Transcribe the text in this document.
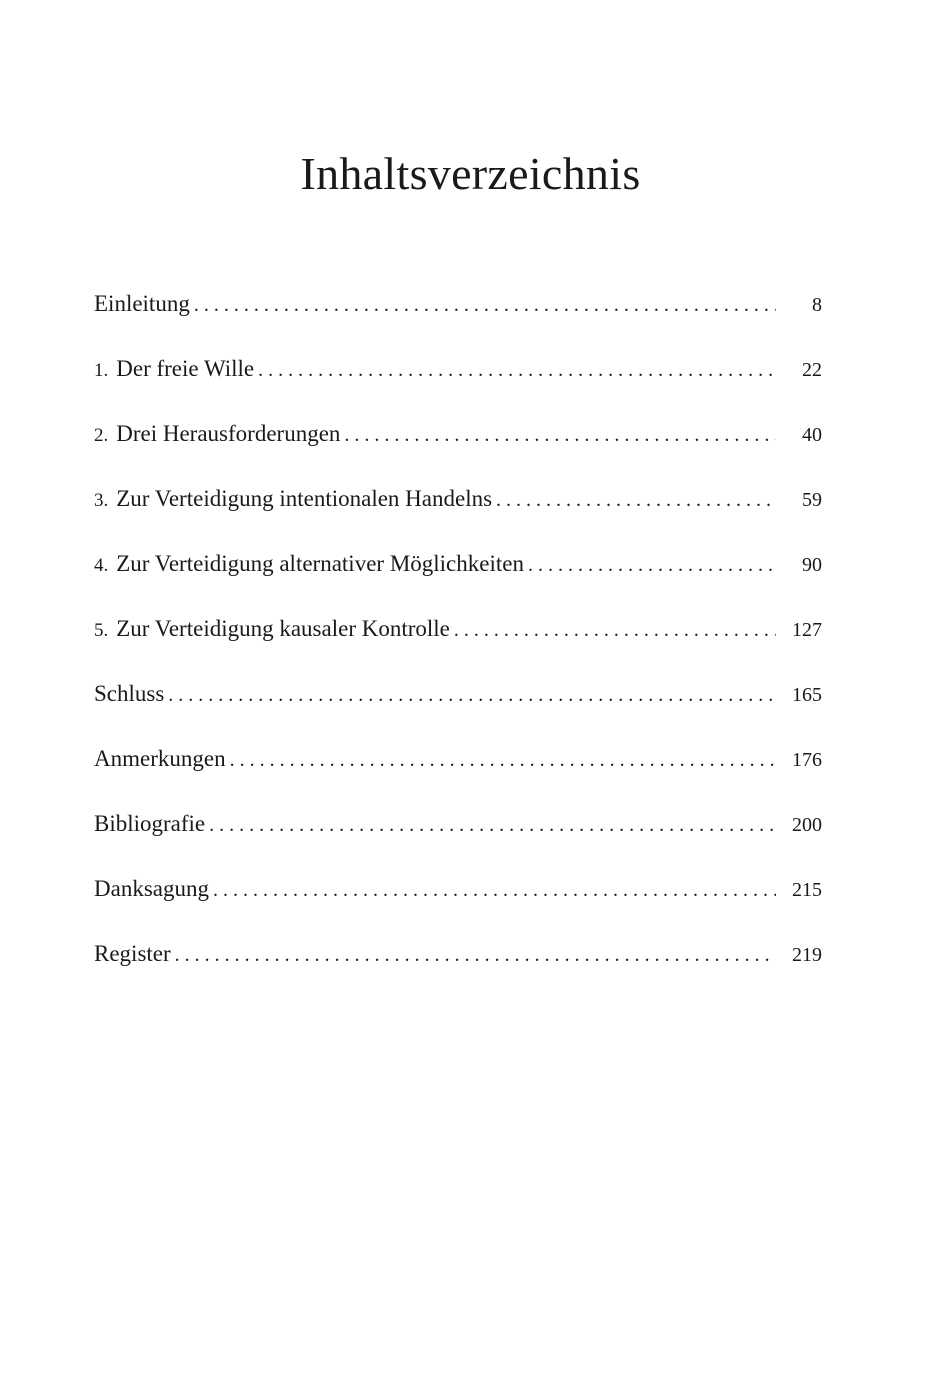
Inhaltsverzeichnis
Einleitung . . .	8
1. Der freie Wille . . .	22
2. Drei Herausforderungen . . .	40
3. Zur Verteidigung intentionalen Handelns . . .	59
4. Zur Verteidigung alternativer Möglichkeiten . . .	90
5. Zur Verteidigung kausaler Kontrolle . . .	127
Schluss . . .	165
Anmerkungen . . .	176
Bibliografie . . .	200
Danksagung . . .	215
Register . . .	219
